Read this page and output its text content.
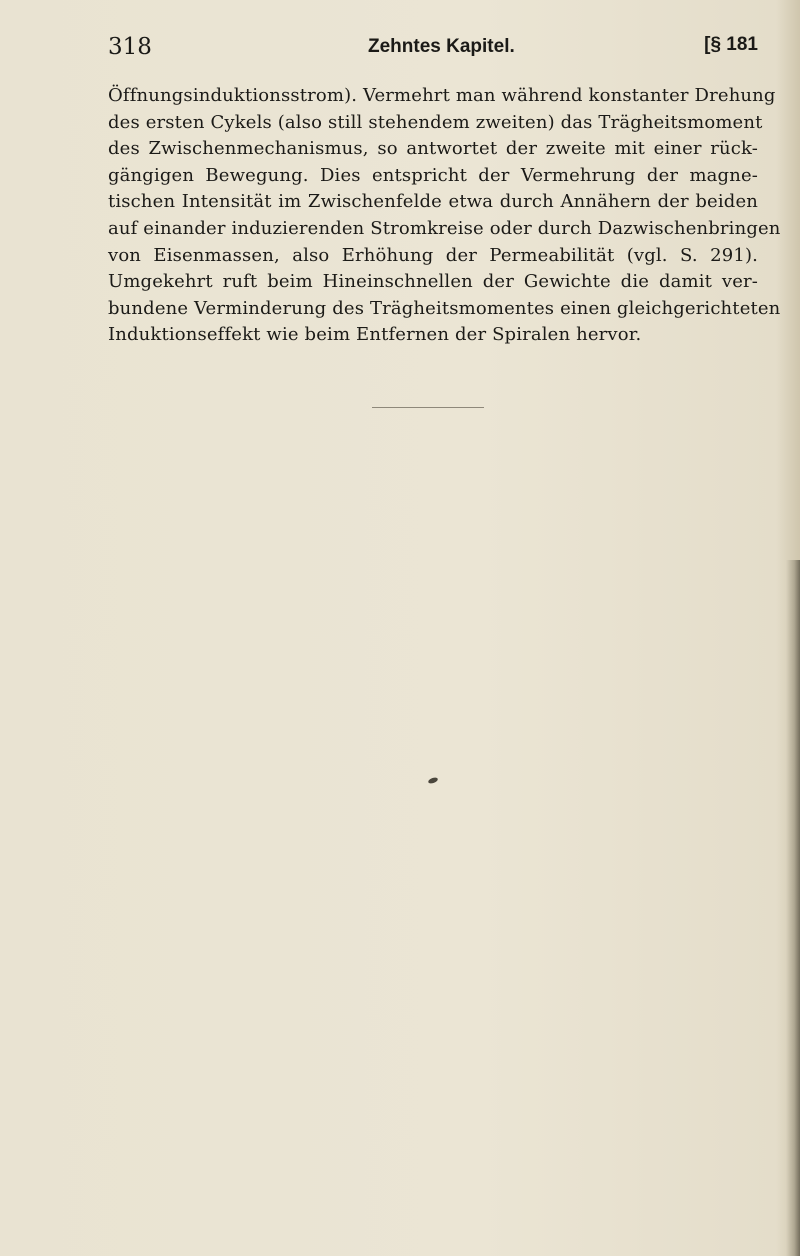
318	Zehntes Kapitel.	[§ 181
Öffnungsinduktionsstrom). Vermehrt man während konstanter Drehung
des ersten Cykels (also still stehendem zweiten) das Trägheitsmoment
des Zwischenmechanismus, so antwortet der zweite mit einer rück-
gängigen Bewegung. Dies entspricht der Vermehrung der magne-
tischen Intensität im Zwischenfelde etwa durch Annähern der beiden
auf einander induzierenden Stromkreise oder durch Dazwischenbringen
von Eisenmassen, also Erhöhung der Permeabilität (vgl. S. 291).
Umgekehrt ruft beim Hineinschnellen der Gewichte die damit ver-
bundene Verminderung des Trägheitsmomentes einen gleichgerichteten
Induktionseffekt wie beim Entfernen der Spiralen hervor.
